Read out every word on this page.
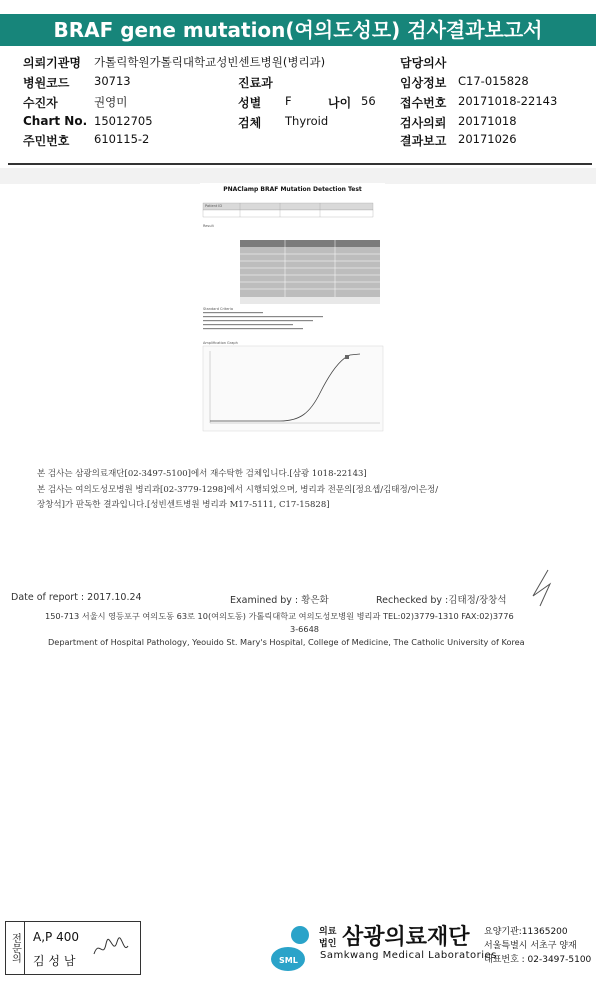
BRAF gene mutation(여의도성모) 검사결과보고서
의뢰기관명 가톨릭학원가톨릭대학교성빈센트병원(병리과)	담당의사
병원코드 30713	진료과	임상정보 C17-015828
수진자	권영미	성별 F	나이 56 접수번호 20171018-22143
Chart No. 15012705	검체 Thyroid	검사의뢰 20171018
주민번호 610115-2	결과보고 20171026
PNAClamp BRAF Mutation Detection Test
Result
Standard Criteria
Amplification Graph
Patient ID
본 검사는 삼광의료재단[02-3497-5100]에서 재수탁한 검체입니다.[삼광 1018-22143]
본 검사는 여의도성모병원 병리과[02-3779-1298]에서 시행되었으며, 병리과 전문의[정요셉/김태정/이은정/
장창석]가 판독한 결과입니다.[성빈센트병원 병리과 M17-5111, C17-15828]
Date of report : 2017.10.24	Examined by : 황은화	Rechecked by :김태정/장창석
150-713 서울시 영등포구 여의도동 63로 10(여의도동) 가톨릭대학교 여의도성모병원 병리과 TEL:02)3779-1310 FAX:02)3776
3-6648
Department of Hospital Pathology, Yeouido St. Mary's Hospital, College of Medicine, The Catholic University of Korea
전문의 A,P 400
김 성 남	SML
의료
법인 삼광의료재단
Samkwang Medical Laboratories
요양기관:11365200
서울특별시 서초구 양재
대표번호 : 02-3497-5100
